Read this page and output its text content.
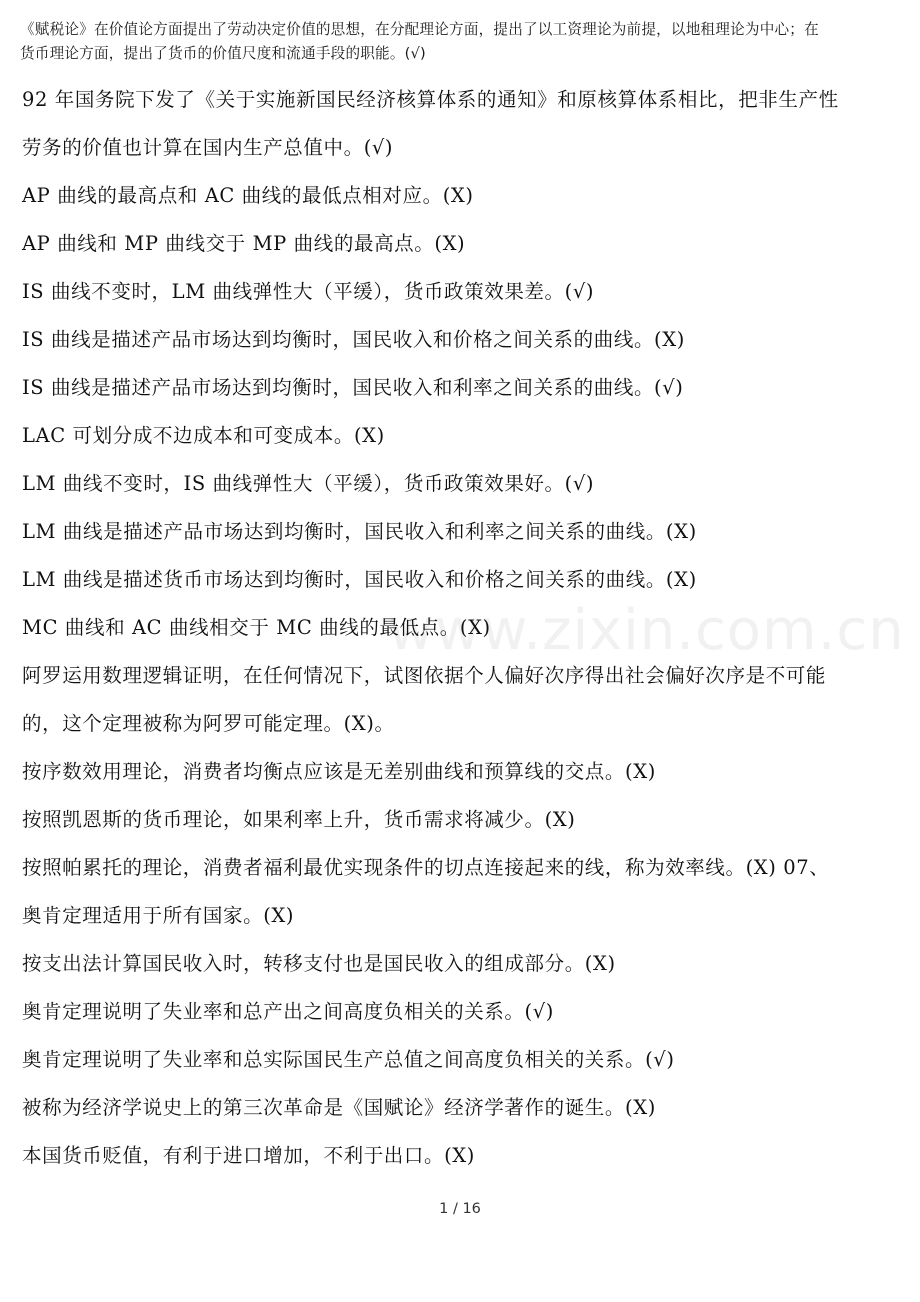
《赋税论》在价值论方面提出了劳动决定价值的思想，在分配理论方面，提出了以工资理论为前提，以地租理论为中心；在
货币理论方面，提出了货币的价值尺度和流通手段的职能。(√)
www.zixin.com.cn
92 年国务院下发了《关于实施新国民经济核算体系的通知》和原核算体系相比，把非生产性
劳务的价值也计算在国内生产总值中。(√)
AP 曲线的最高点和 AC 曲线的最低点相对应。(X)
AP 曲线和 MP 曲线交于 MP 曲线的最高点。(X)
IS 曲线不变时，LM 曲线弹性大（平缓），货币政策效果差。(√)
IS 曲线是描述产品市场达到均衡时，国民收入和价格之间关系的曲线。(X)
IS 曲线是描述产品市场达到均衡时，国民收入和利率之间关系的曲线。(√)
LAC 可划分成不边成本和可变成本。(X)
LM 曲线不变时，IS 曲线弹性大（平缓），货币政策效果好。(√)
LM 曲线是描述产品市场达到均衡时，国民收入和利率之间关系的曲线。(X)
LM 曲线是描述货币市场达到均衡时，国民收入和价格之间关系的曲线。(X)
MC 曲线和 AC 曲线相交于 MC 曲线的最低点。(X)
阿罗运用数理逻辑证明，在任何情况下，试图依据个人偏好次序得出社会偏好次序是不可能
的，这个定理被称为阿罗可能定理。(X)。
按序数效用理论，消费者均衡点应该是无差别曲线和预算线的交点。(X)
按照凯恩斯的货币理论，如果利率上升，货币需求将减少。(X)
按照帕累托的理论，消费者福利最优实现条件的切点连接起来的线，称为效率线。(X) 07、
奥肯定理适用于所有国家。(X)
按支出法计算国民收入时，转移支付也是国民收入的组成部分。(X)
奥肯定理说明了失业率和总产出之间高度负相关的关系。(√)
奥肯定理说明了失业率和总实际国民生产总值之间高度负相关的关系。(√)
被称为经济学说史上的第三次革命是《国赋论》经济学著作的诞生。(X)
本国货币贬值，有利于进口增加，不利于出口。(X)
1 / 16
